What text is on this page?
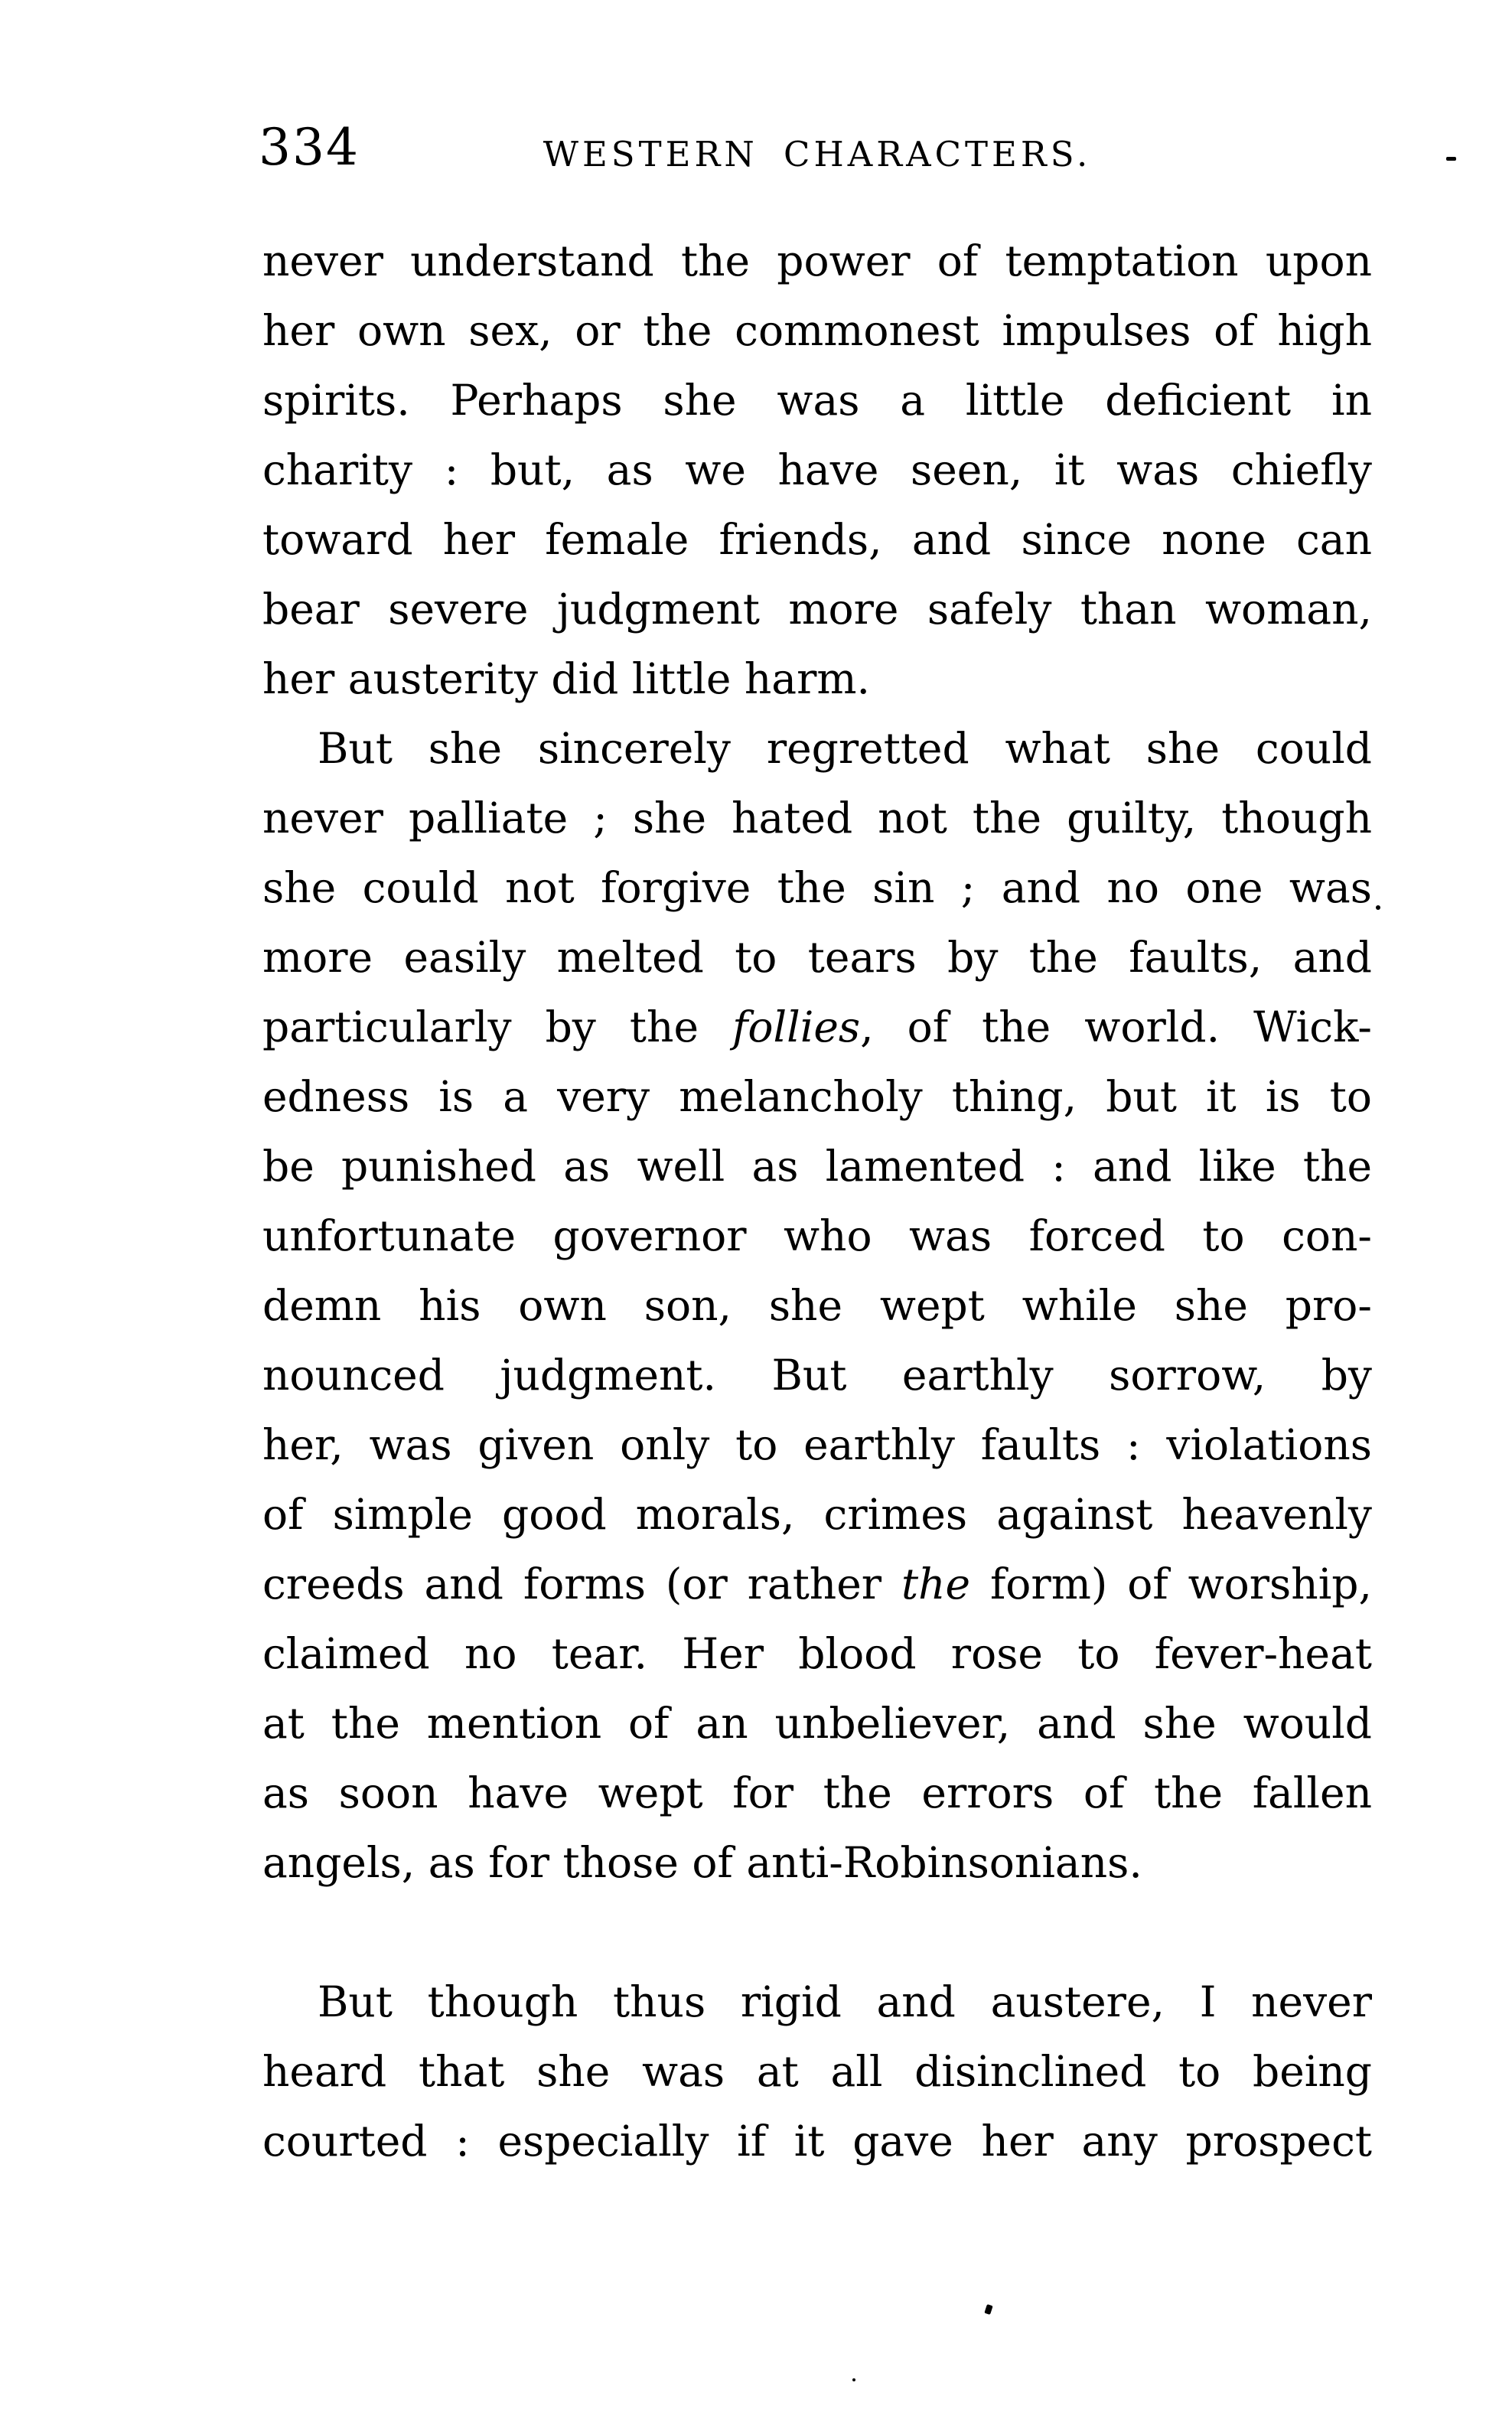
334	WESTERN CHARACTERS.
never understand the power of temptation upon
her own sex, or the commonest impulses of high
spirits. Perhaps she was a little deficient in
charity : but, as we have seen, it was chiefly
toward her female friends, and since none can
bear severe judgment more safely than woman,
her austerity did little harm.
But she sincerely regretted what she could
never palliate ; she hated not the guilty, though
she could not forgive the sin ; and no one was
more easily melted to tears by the faults, and
particularly by the follies, of the world. Wick-
edness is a very melancholy thing, but it is to
be punished as well as lamented : and like the
unfortunate governor who was forced to con-
demn his own son, she wept while she pro-
nounced judgment. But earthly sorrow, by
her, was given only to earthly faults : violations
of simple good morals, crimes against heavenly
creeds and forms (or rather the form) of worship,
claimed no tear. Her blood rose to fever-heat
at the mention of an unbeliever, and she would
as soon have wept for the errors of the fallen
angels, as for those of anti-Robinsonians.
But though thus rigid and austere, I never
heard that she was at all disinclined to being
courted : especially if it gave her any prospect
